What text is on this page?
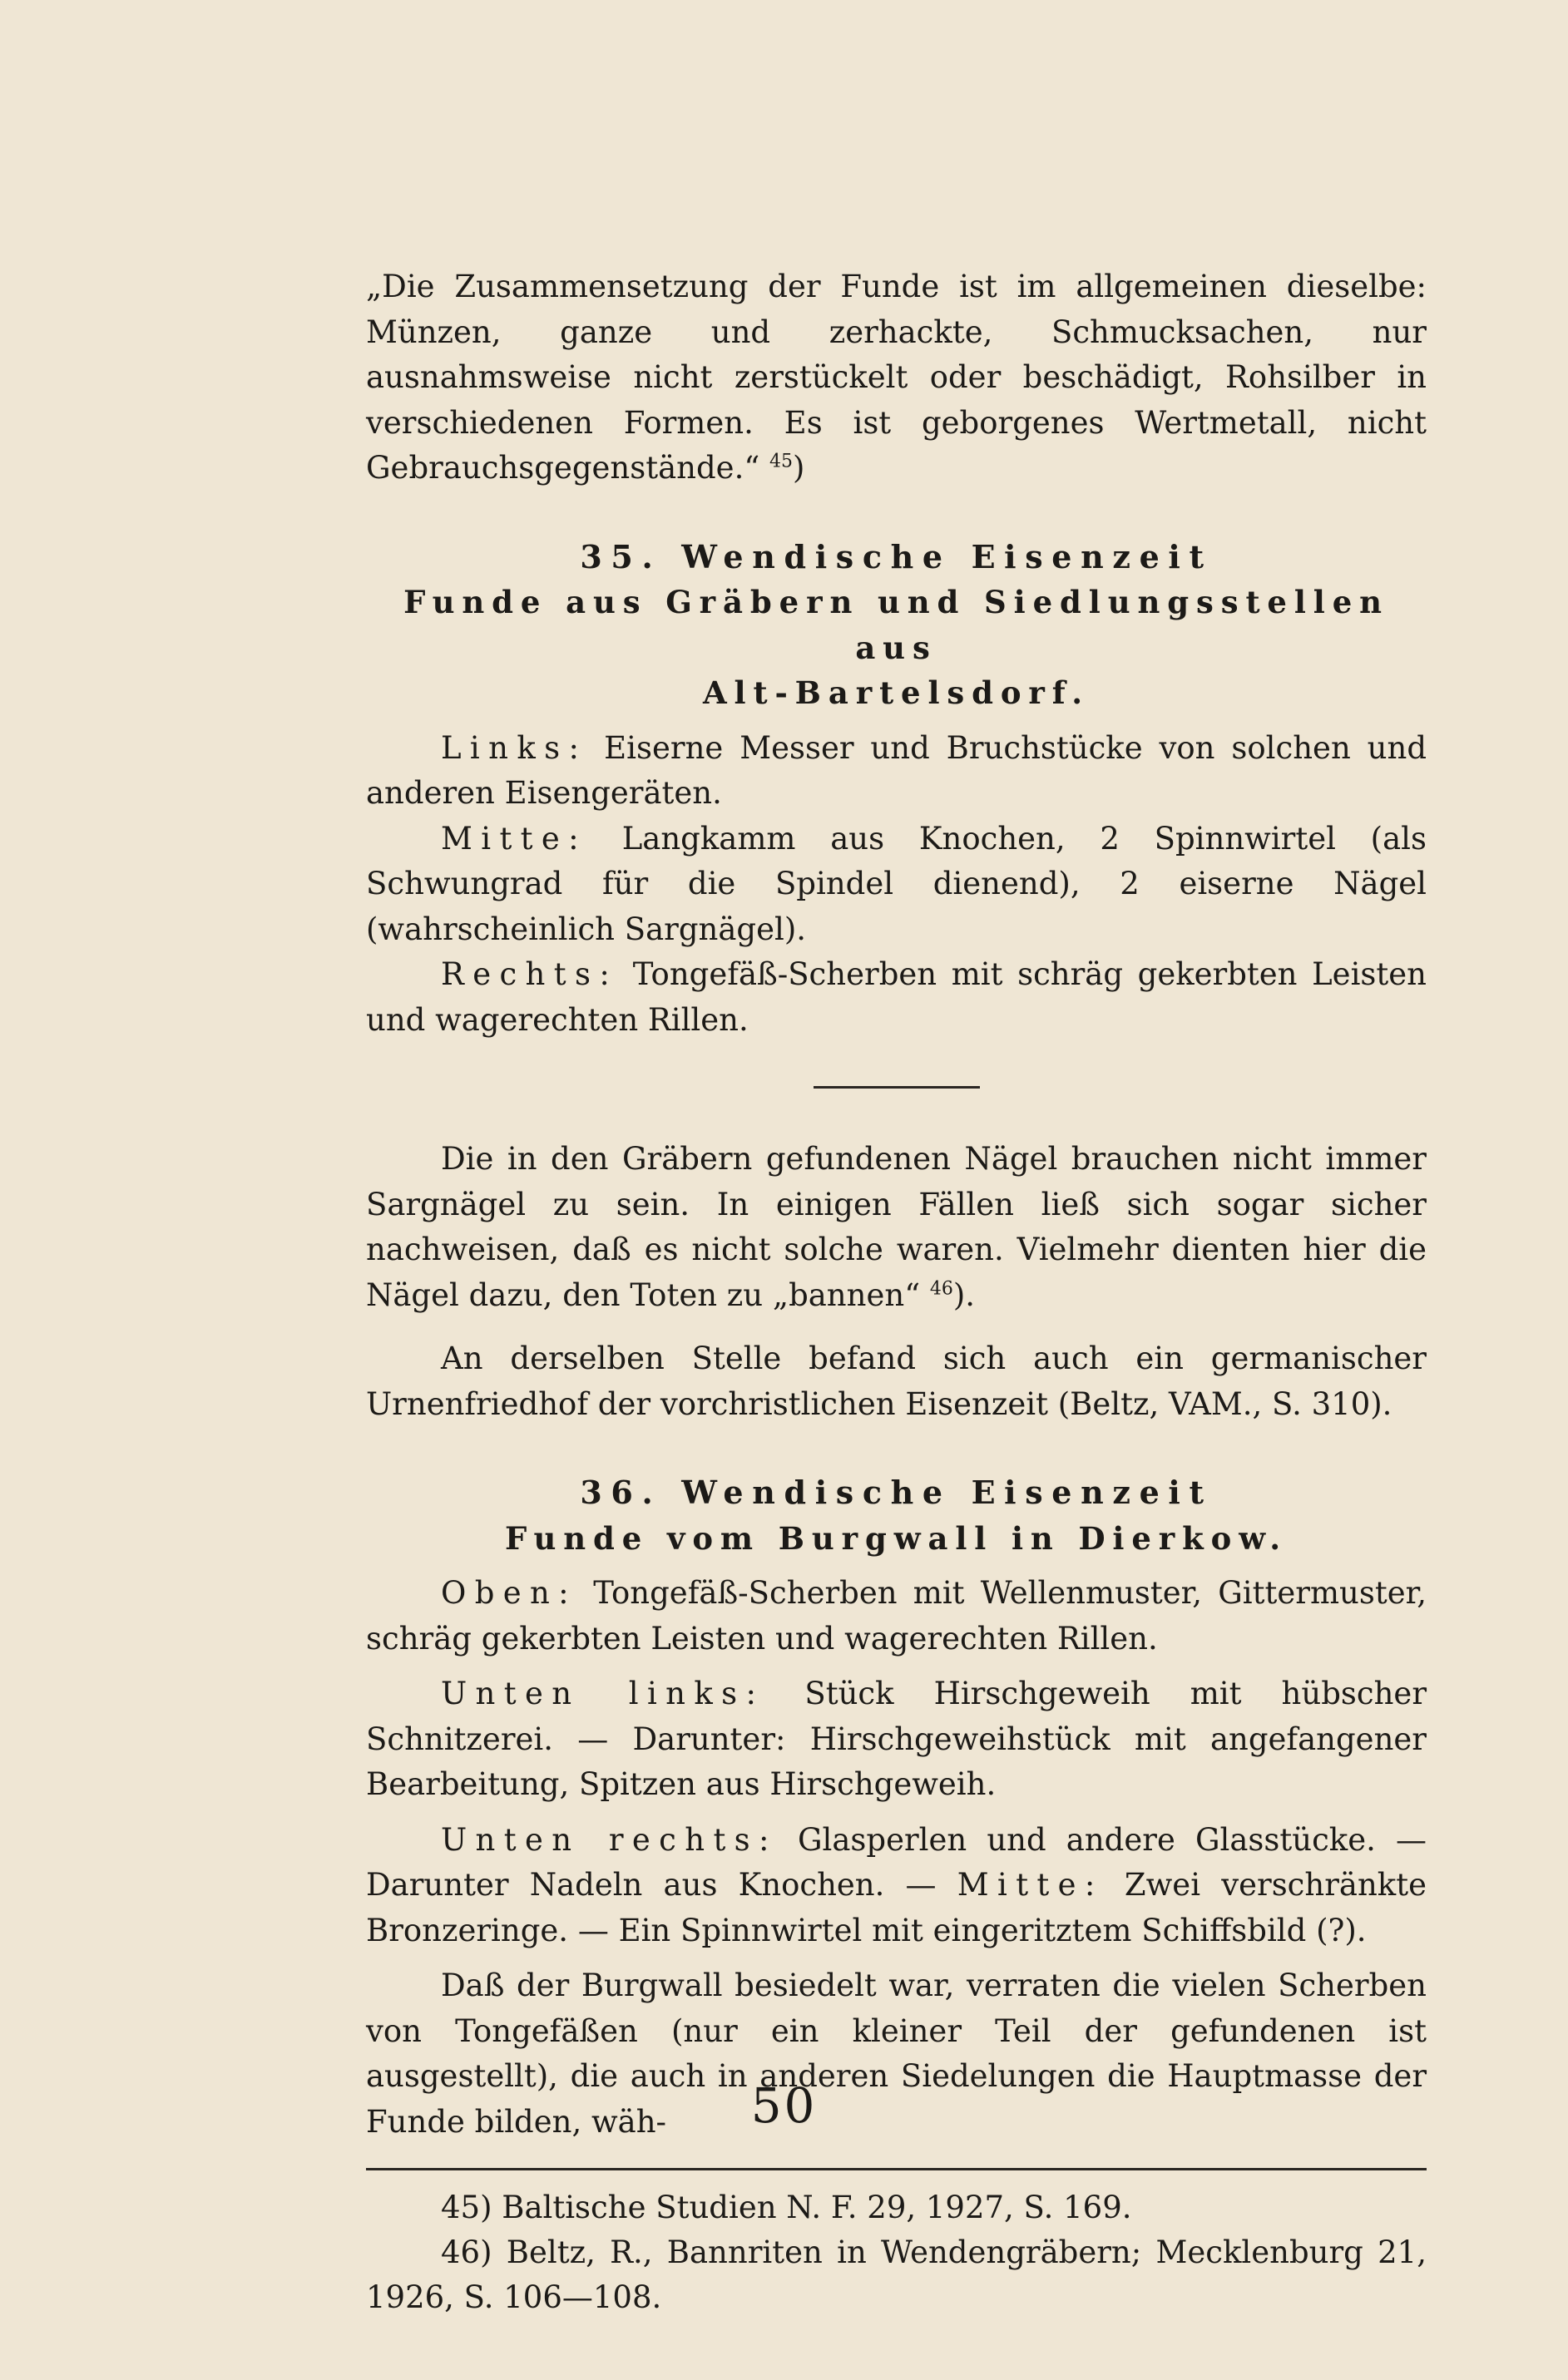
„Die Zusammensetzung der Funde ist im allgemeinen dieselbe: Münzen, ganze und zerhackte, Schmucksachen, nur ausnahmsweise nicht zerstückelt oder beschädigt, Rohsilber in verschiedenen Formen. Es ist geborgenes Wertmetall, nicht Gebrauchsgegenstände.“ $^{45}$)

35. Wendische Eisenzeit

Funde aus Gräbern und Siedlungsstellen aus

Alt-Bartelsdorf.

Links: Eiserne Messer und Bruchstücke von solchen und anderen Eisengeräten.

Mitte: Langkamm aus Knochen, 2 Spinnwirtel (als Schwungrad für die Spindel dienend), 2 eiserne Nägel (wahrscheinlich Sargnägel).

Rechts: Tongefäß-Scherben mit schräg gekerbten Leisten und wagerechten Rillen.

Die in den Gräbern gefundenen Nägel brauchen nicht immer Sargnägel zu sein. In einigen Fällen ließ sich sogar sicher nachweisen, daß es nicht solche waren. Vielmehr dienten hier die Nägel dazu, den Toten zu „bannen“ $^{46}$).

An derselben Stelle befand sich auch ein germanischer Urnenfriedhof der vorchristlichen Eisenzeit (Beltz, VAM., S. 310).

36. Wendische Eisenzeit

Funde vom Burgwall in Dierkow.

Oben: Tongefäß-Scherben mit Wellenmuster, Gittermuster, schräg gekerbten Leisten und wagerechten Rillen.

Unten links: Stück Hirschgeweih mit hübscher Schnitzerei. — Darunter: Hirschgeweihstück mit angefangener Bearbeitung, Spitzen aus Hirschgeweih.

Unten rechts: Glasperlen und andere Glasstücke. — Darunter Nadeln aus Knochen. — Mitte: Zwei verschränkte Bronzeringe. — Ein Spinnwirtel mit eingeritztem Schiffsbild (?).

Daß der Burgwall besiedelt war, verraten die vielen Scherben von Tongefäßen (nur ein kleiner Teil der gefundenen ist ausgestellt), die auch in anderen Siedelungen die Hauptmasse der Funde bilden, wäh-

45) Baltische Studien N. F. 29, 1927, S. 169.

46) Beltz, R., Bannriten in Wendengräbern; Mecklenburg 21, 1926, S. 106—108.

50
